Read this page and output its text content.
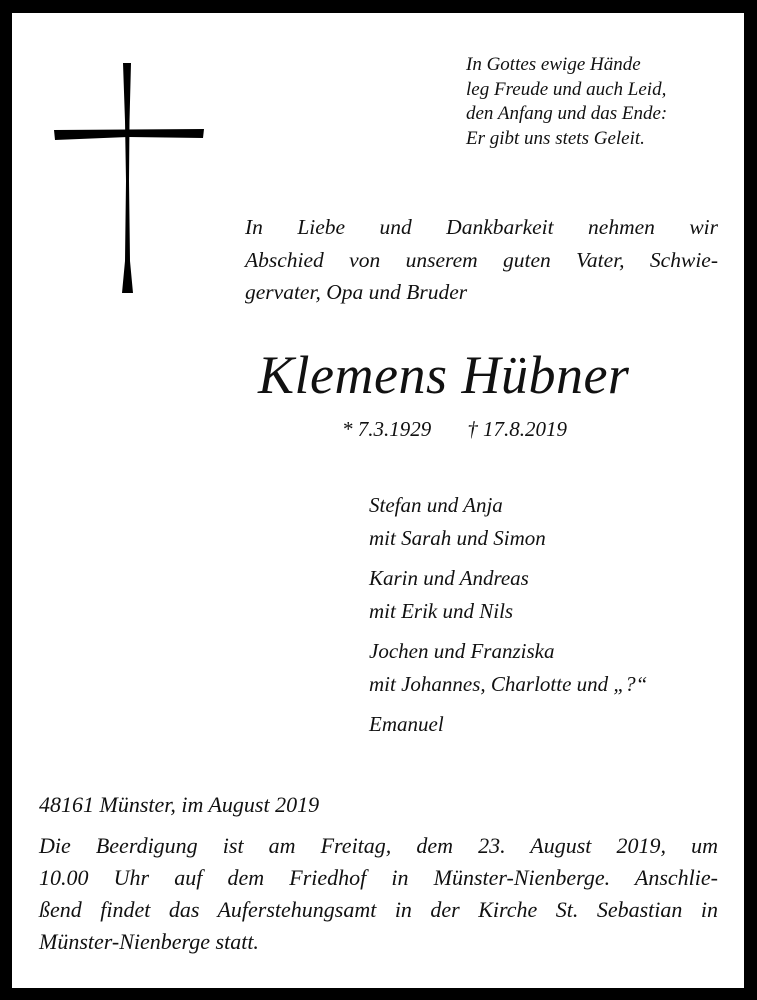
In Gottes ewige Hände
leg Freude und auch Leid,
den Anfang und das Ende:
Er gibt uns stets Geleit.
In Liebe und Dankbarkeit nehmen wir
Abschied von unserem guten Vater, Schwie-
gervater, Opa und Bruder
Klemens Hübner
* 7.3.1929 † 17.8.2019
Stefan und Anja
mit Sarah und Simon
Karin und Andreas
mit Erik und Nils
Jochen und Franziska
mit Johannes, Charlotte und „?“
Emanuel
48161 Münster, im August 2019
Die Beerdigung ist am Freitag, dem 23. August 2019, um
10.00 Uhr auf dem Friedhof in Münster-Nienberge. Anschlie-
ßend findet das Auferstehungsamt in der Kirche St. Sebastian in
Münster-Nienberge statt.
